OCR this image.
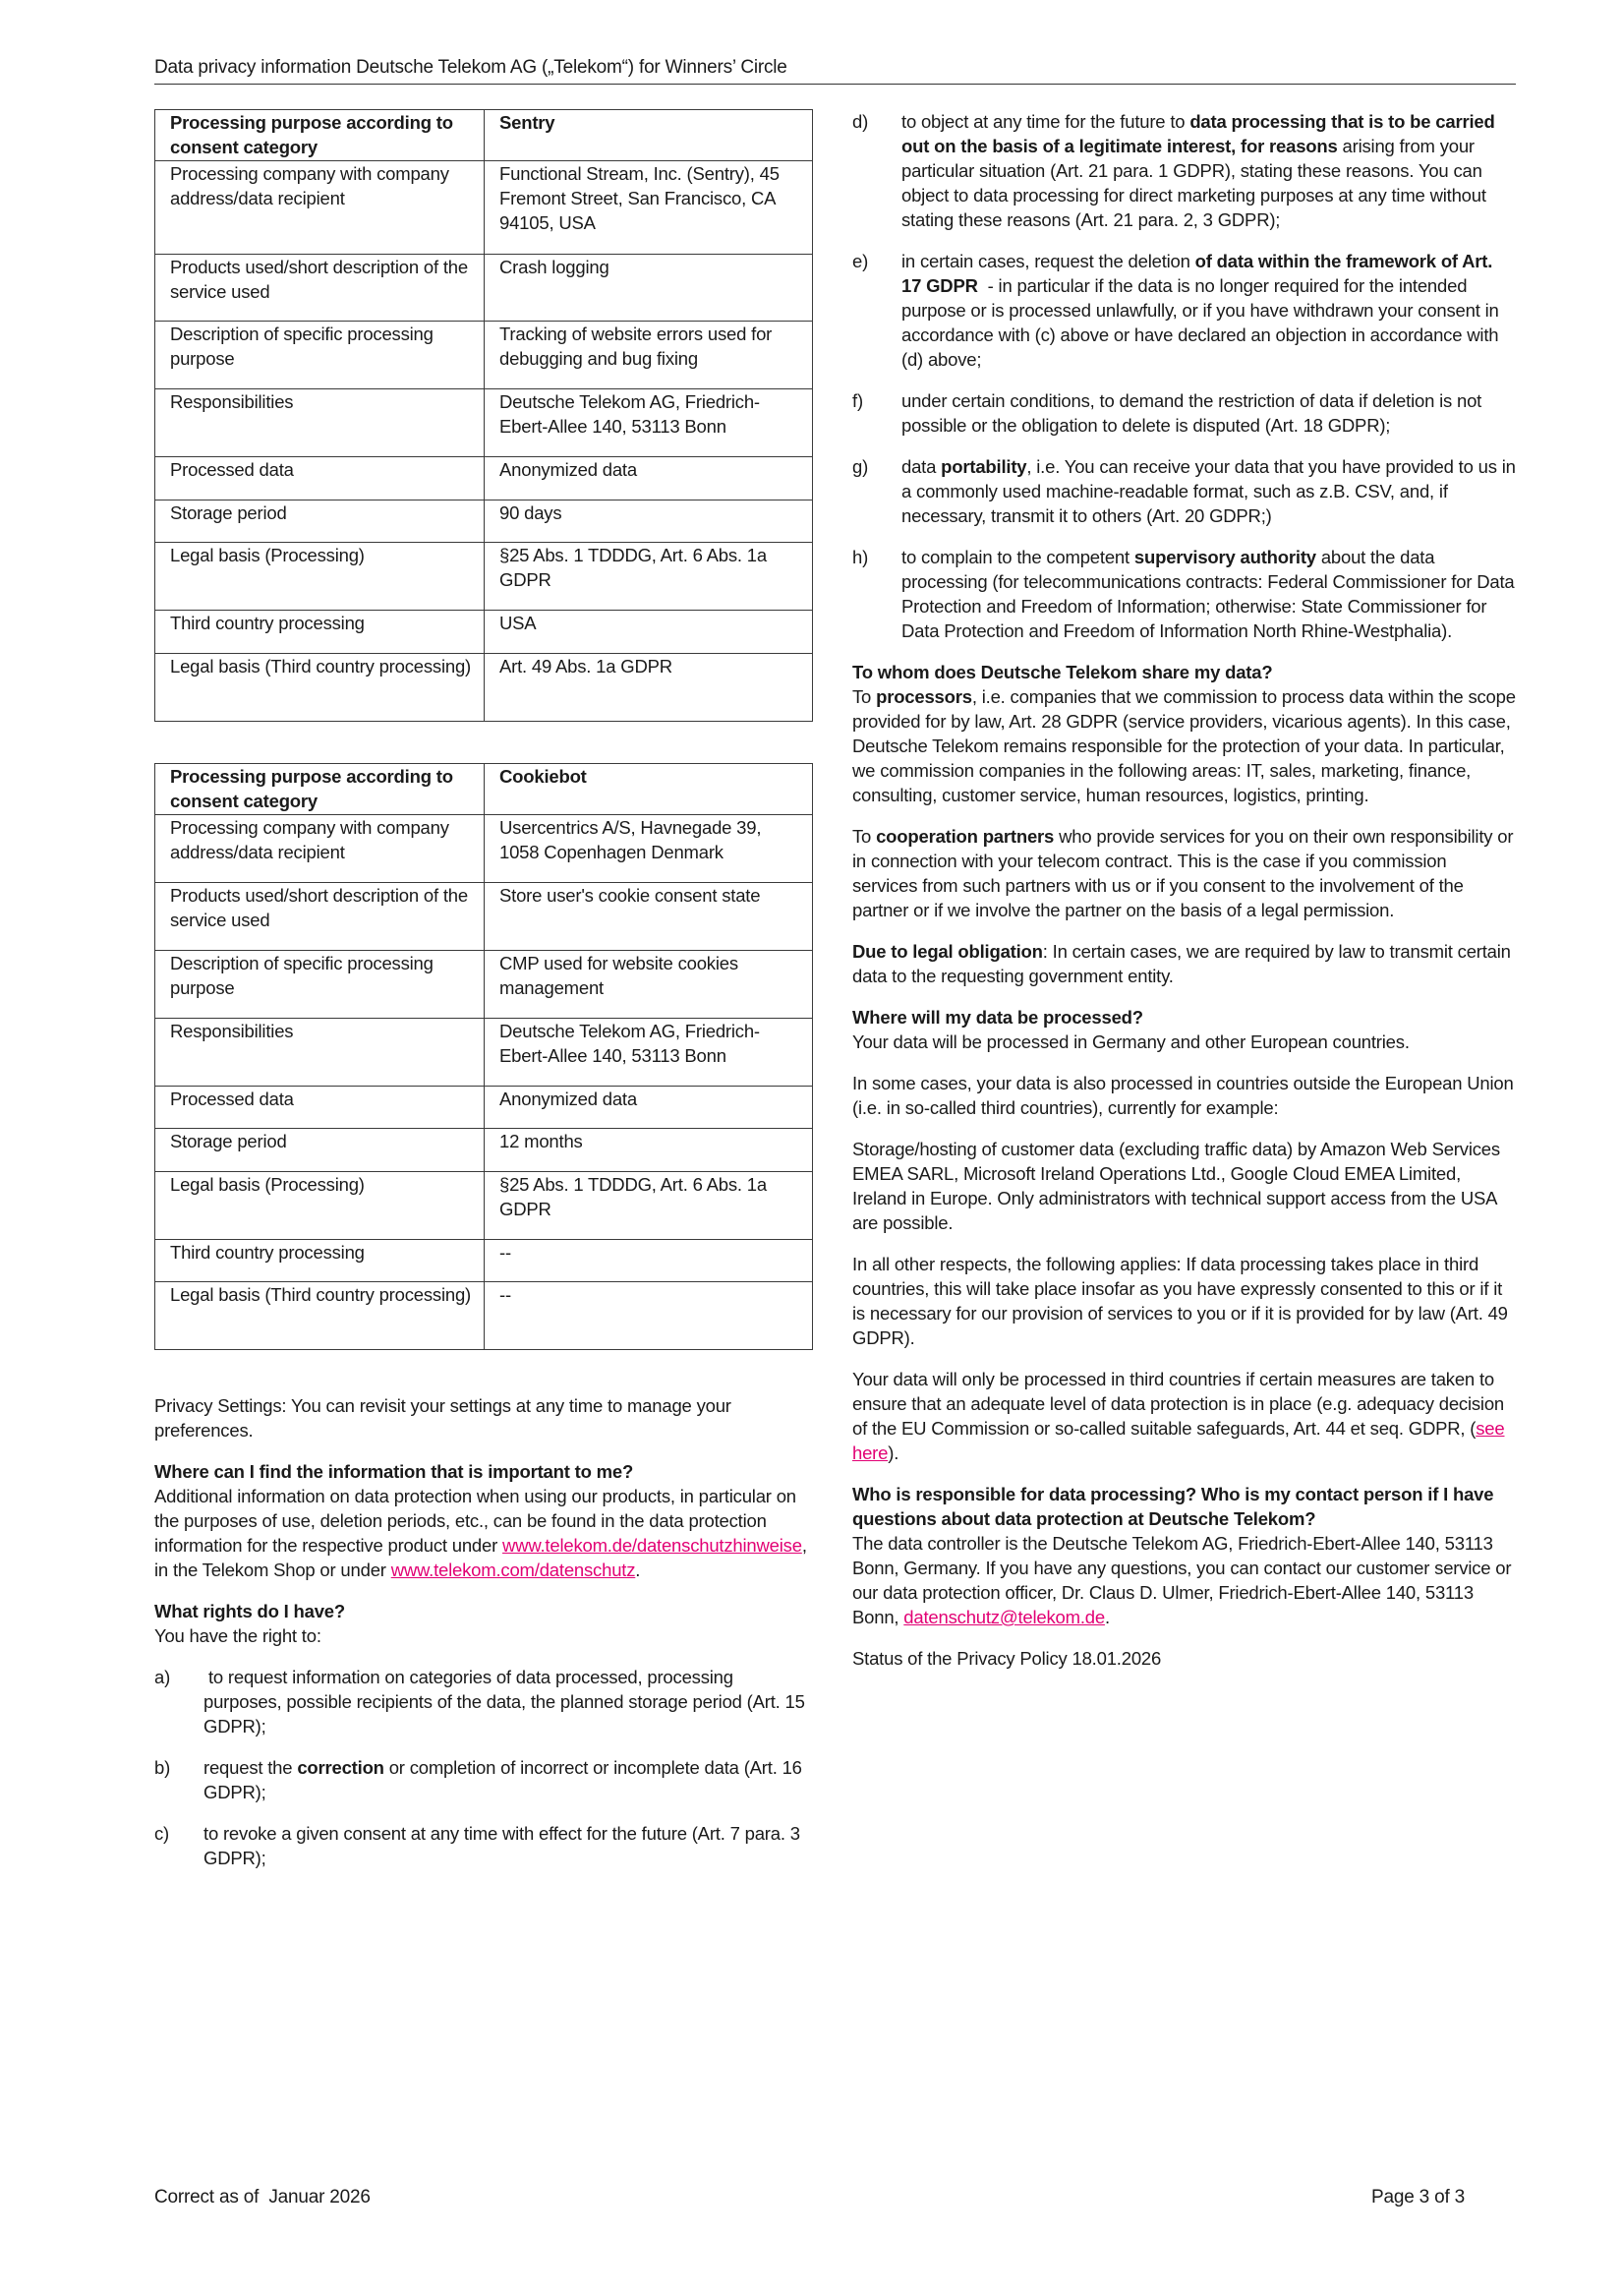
Data privacy information Deutsche Telekom AG („Telekom“) for Winners’ Circle
Processing purpose according to consent category	Sentry
Processing company with company address/data recipient	Functional Stream, Inc. (Sentry), 45 Fremont Street, San Francisco, CA 94105, USA
Products used/short description of the service used	Crash logging
Description of specific processing purpose	Tracking of website errors used for debugging and bug fixing
Responsibilities	Deutsche Telekom AG, Friedrich-Ebert-Allee 140, 53113 Bonn
Processed data	Anonymized data
Storage period	90 days
Legal basis (Processing)	§25 Abs. 1 TDDDG, Art. 6 Abs. 1a GDPR
Third country processing	USA
Legal basis (Third country processing)	Art. 49 Abs. 1a GDPR
Processing purpose according to consent category	Cookiebot
Processing company with company address/data recipient	Usercentrics A/S, Havnegade 39, 1058 Copenhagen Denmark
Products used/short description of the service used	Store user's cookie consent state
Description of specific processing purpose	CMP used for website cookies management
Responsibilities	Deutsche Telekom AG, Friedrich-Ebert-Allee 140, 53113 Bonn
Processed data	Anonymized data
Storage period	12 months
Legal basis (Processing)	§25 Abs. 1 TDDDG, Art. 6 Abs. 1a GDPR
Third country processing	--
Legal basis (Third country processing)	--

Privacy Settings: You can revisit your settings at any time to manage your preferences.

Where can I find the information that is important to me?

Additional information on data protection when using our products, in particular on the purposes of use, deletion periods, etc., can be found in the data protection information for the respective product under www.telekom.de/datenschutzhinweise, in the Telekom Shop or under www.telekom.com/datenschutz.

What rights do I have?

You have the right to:

a)	to request information on categories of data processed, processing purposes, possible recipients of the data, the planned storage period (Art. 15 GDPR);
b)	request the correction or completion of incorrect or incomplete data (Art. 16 GDPR);
c)	to revoke a given consent at any time with effect for the future (Art. 7 para. 3 GDPR);
d)	to object at any time for the future to data processing that is to be carried out on the basis of a legitimate interest, for reasons arising from your particular situation (Art. 21 para. 1 GDPR), stating these reasons. You can object to data processing for direct marketing purposes at any time without stating these reasons (Art. 21 para. 2, 3 GDPR);
e)	in certain cases, request the deletion of data within the framework of Art. 17 GDPR  - in particular if the data is no longer required for the intended purpose or is processed unlawfully, or if you have withdrawn your consent in accordance with (c) above or have declared an objection in accordance with (d) above;
f)	under certain conditions, to demand the restriction of data if deletion is not possible or the obligation to delete is disputed (Art. 18 GDPR);
g)	data portability, i.e. You can receive your data that you have provided to us in a commonly used machine-readable format, such as z.B. CSV, and, if necessary, transmit it to others (Art. 20 GDPR;)
h)	to complain to the competent supervisory authority about the data processing (for telecommunications contracts: Federal Commissioner for Data Protection and Freedom of Information; otherwise: State Commissioner for Data Protection and Freedom of Information North Rhine-Westphalia).

To whom does Deutsche Telekom share my data?

To processors, i.e. companies that we commission to process data within the scope provided for by law, Art. 28 GDPR (service providers, vicarious agents). In this case, Deutsche Telekom remains responsible for the protection of your data. In particular, we commission companies in the following areas: IT, sales, marketing, finance, consulting, customer service, human resources, logistics, printing.

To cooperation partners who provide services for you on their own responsibility or in connection with your telecom contract. This is the case if you commission services from such partners with us or if you consent to the involvement of the partner or if we involve the partner on the basis of a legal permission.

Due to legal obligation: In certain cases, we are required by law to transmit certain data to the requesting government entity.

Where will my data be processed?

Your data will be processed in Germany and other European countries.

In some cases, your data is also processed in countries outside the European Union (i.e. in so-called third countries), currently for example:

Storage/hosting of customer data (excluding traffic data) by Amazon Web Services EMEA SARL, Microsoft Ireland Operations Ltd., Google Cloud EMEA Limited, Ireland in Europe. Only administrators with technical support access from the USA are possible.

In all other respects, the following applies: If data processing takes place in third countries, this will take place insofar as you have expressly consented to this or if it is necessary for our provision of services to you or if it is provided for by law (Art. 49 GDPR).

Your data will only be processed in third countries if certain measures are taken to ensure that an adequate level of data protection is in place (e.g. adequacy decision of the EU Commission or so-called suitable safeguards, Art. 44 et seq. GDPR, (see here).

Who is responsible for data processing? Who is my contact person if I have questions about data protection at Deutsche Telekom?

The data controller is the Deutsche Telekom AG, Friedrich-Ebert-Allee 140, 53113 Bonn, Germany. If you have any questions, you can contact our customer service or our data protection officer, Dr. Claus D. Ulmer, Friedrich-Ebert-Allee 140, 53113 Bonn, datenschutz@telekom.de.

Status of the Privacy Policy 18.01.2026

Correct as of  Januar 2026	Page 3 of 3
